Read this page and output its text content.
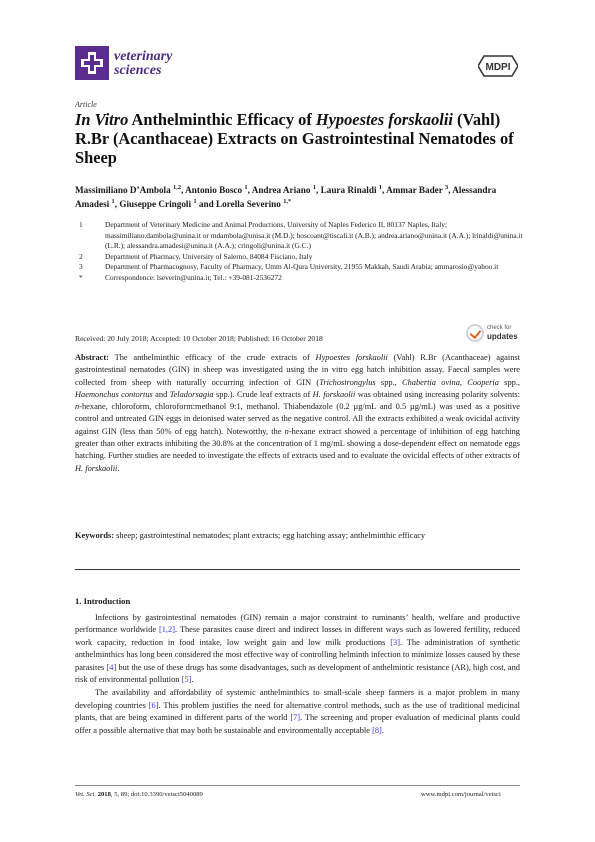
veterinary
sciences	MDPI
Article
In Vitro Anthelminthic Efficacy of Hypoestes forskaolii (Vahl) R.Br (Acanthaceae) Extracts on Gastrointestinal Nematodes of Sheep
Massimiliano D’Ambola $^{1,2}$, Antonio Bosco $^1$, Andrea Ariano $^1$, Laura Rinaldi $^1$, Ammar Bader $^3$, Alessandra Amadesi $^1$, Giuseppe Cringoli $^1$ and Lorella Severino $^{1,*}$
1	Department of Veterinary Medicine and Animal Productions, University of Naples Federico II, 80137 Naples, Italy; massimiliano.dambola@unina.it or mdambola@unisa.it (M.D.); boscoant@tiscali.it (A.B.); andrea.ariano@unina.it (A.A.); lrinaldi@unina.it (L.R.); alessandra.amadesi@unina.it (A.A.); cringoli@unina.it (G.C.)
2	Department of Pharmacy, University of Salerno, 84084 Fisciano, Italy
3	Department of Pharmacognosy, Faculty of Pharmacy, Umm Al-Qura University, 21955 Makkah, Saudi Arabia; ammarosio@yahoo.it
*	Correspondence: lseverin@unina.it; Tel.: +39-081-2536272
Received: 20 July 2018; Accepted: 10 October 2018; Published: 16 October 2018
check for
updates
Abstract: The anthelminthic efficacy of the crude extracts of Hypoestes forskaolii (Vahl) R.Br (Acanthaceae) against gastrointestinal nematodes (GIN) in sheep was investigated using the in vitro egg hatch inhibition assay. Faecal samples were collected from sheep with naturally occurring infection of GIN (Trichostrongylus spp., Chabertia ovina, Cooperia spp., Haemonchus contortus and Teladorsagia spp.). Crude leaf extracts of H. forskaolii was obtained using increasing polarity solvents: n-hexane, chloroform, chloroform:methanol 9:1, methanol. Thiabendazole (0.2 µg/mL and 0.5 µg/mL) was used as a positive control and untreated GIN eggs in deionised water served as the negative control. All the extracts exhibited a weak ovicidal activity against GIN (less than 50% of egg hatch). Noteworthy, the n-hexane extract showed a percentage of inhibition of egg hatching greater than other extracts inhibiting the 30.8% at the concentration of 1 mg/mL showing a dose-dependent effect on nematode eggs hatching. Further studies are needed to investigate the effects of extracts used and to evaluate the ovicidal effects of other extracts of H. forskaolii.
Keywords: sheep; gastrointestinal nematodes; plant extracts; egg hatching assay; anthelminthic efficacy
1. Introduction

Infections by gastrointestinal nematodes (GIN) remain a major constraint to ruminants’ health, welfare and productive performance worldwide [1,2]. These parasites cause direct and indirect losses in different ways such as lowered fertility, reduced work capacity, reduction in food intake, low weight gain and low milk productions [3]. The administration of synthetic anthelminthics has long been considered the most effective way of controlling helminth infection to minimize losses caused by these parasites [4] but the use of these drugs has some disadvantages, such as development of anthelmintic resistance (AR), high cost, and risk of environmental pollution [5].

The availability and affordability of systemic anthelminthics to small-scale sheep farmers is a major problem in many developing countries [6]. This problem justifies the need for alternative control methods, such as the use of traditional medicinal plants, that are being examined in different parts of the world [7]. The screening and proper evaluation of medicinal plants could offer a possible alternative that may both be sustainable and environmentally acceptable [8].

Vet. Sci. 2018, 5, 89; doi:10.3390/vetsci5040089	www.mdpi.com/journal/vetsci
